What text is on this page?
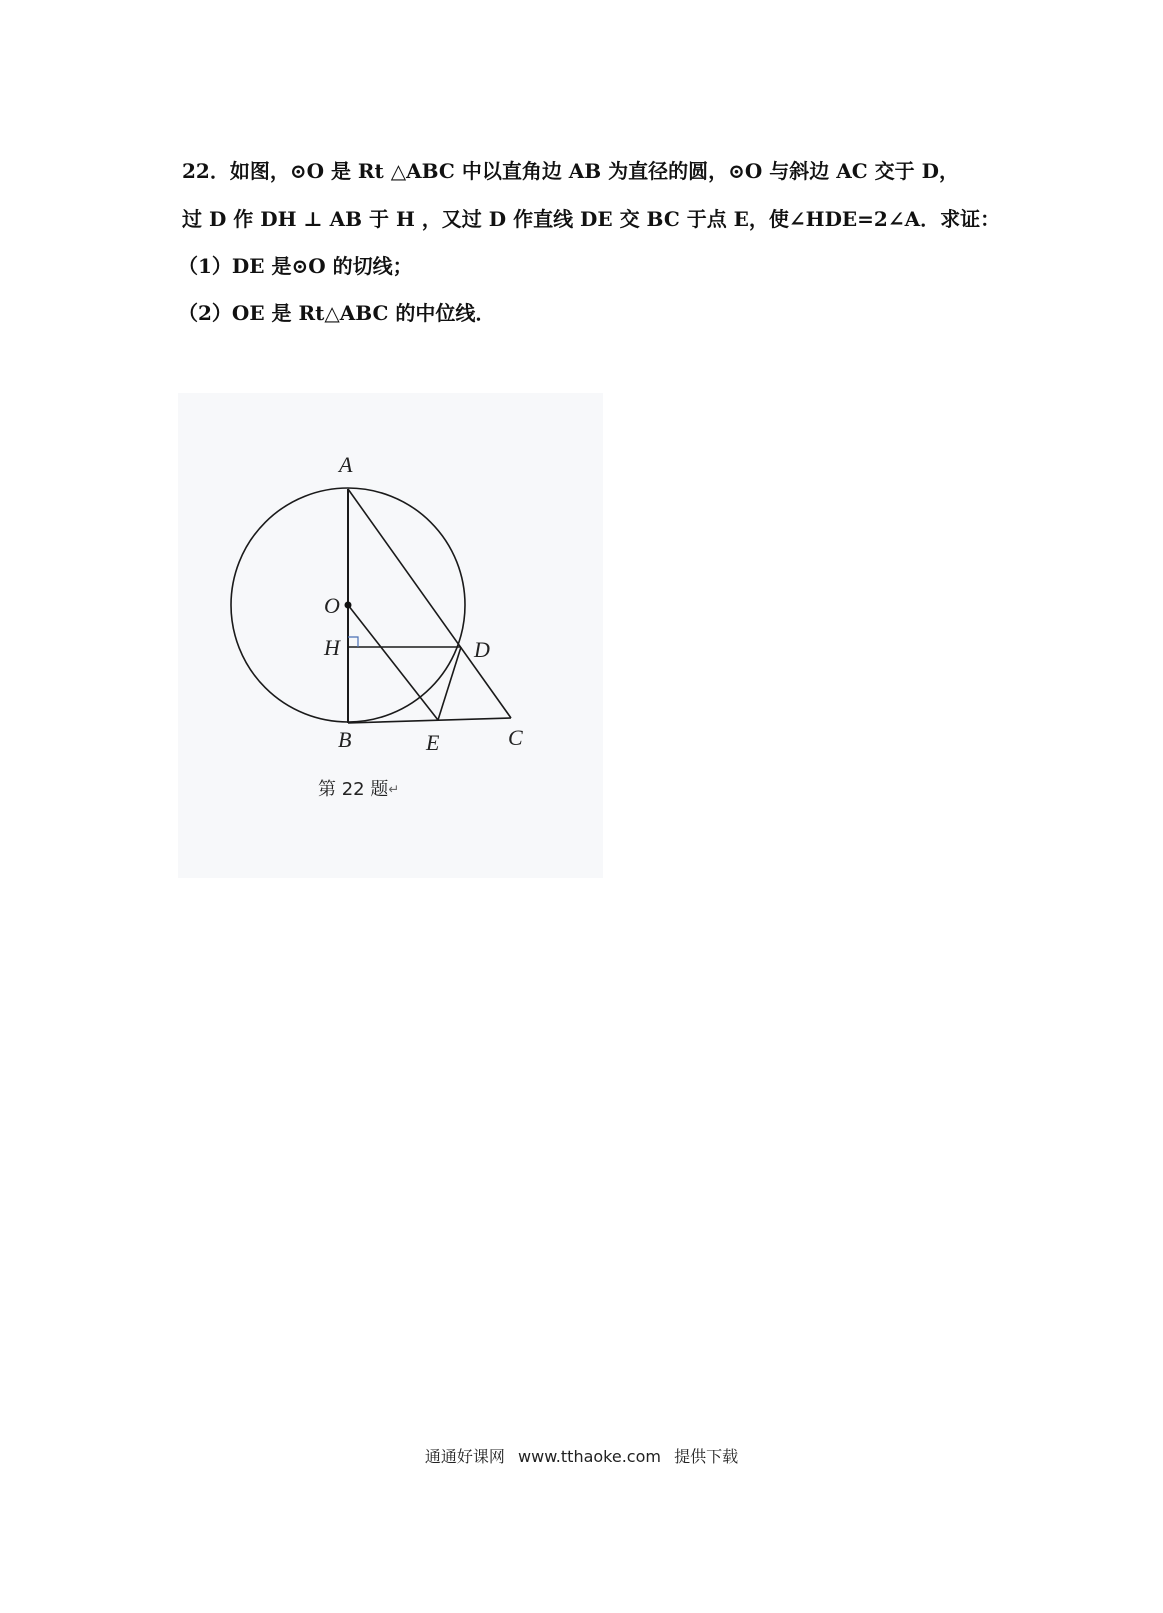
22．如图，⊙O 是 Rt △ABC 中以直角边 AB 为直径的圆，⊙O 与斜边 AC 交于 D，
过 D 作 DH ⊥ AB 于 H ，又过 D 作直线 DE 交 BC 于点 E，使∠HDE=2∠A．求证：
（1）DE 是⊙O 的切线；
（2）OE 是 Rt△ABC 的中位线．
A
O
H	D
B	E	C
第 22 题↵
通通好课网 www.tthaoke.com 提供下载
